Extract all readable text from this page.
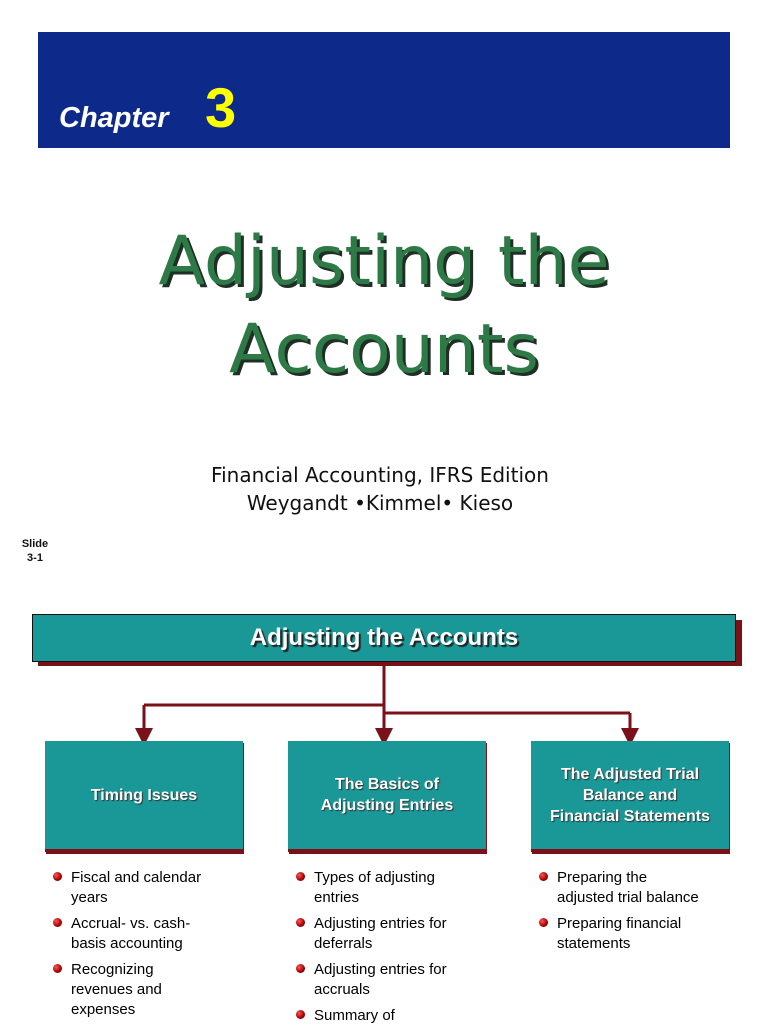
Chapter 3
Adjusting the
Accounts
Financial Accounting, IFRS Edition
Weygandt •Kimmel• Kieso
Slide
3-1
Adjusting the Accounts
Timing Issues
The Basics of
Adjusting Entries
The Adjusted Trial
Balance and
Financial Statements
Fiscal and calendar
years
Accrual- vs. cash-
basis accounting
Recognizing
revenues and
expenses
Types of adjusting
entries
Adjusting entries for
deferrals
Adjusting entries for
accruals
Summary of
Preparing the
adjusted trial balance
Preparing financial
statements
